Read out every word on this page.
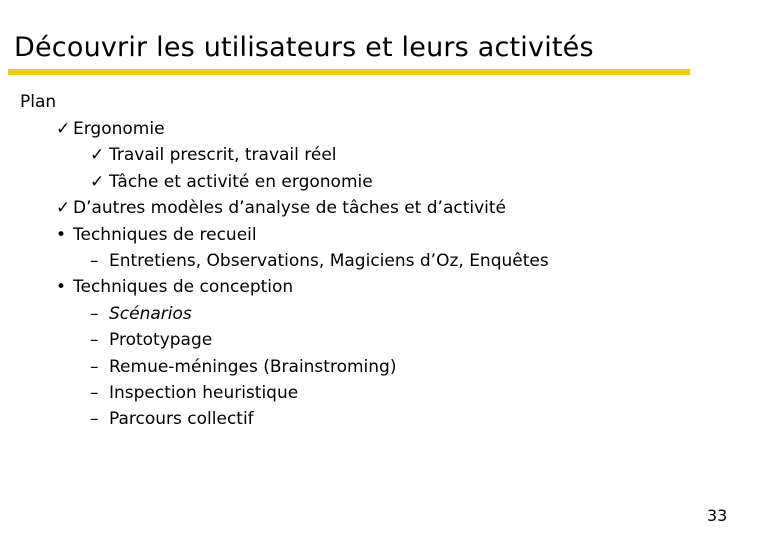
Découvrir les utilisateurs et leurs activités
Plan
✓ Ergonomie
✓ Travail prescrit, travail réel
✓ Tâche et activité en ergonomie
✓ D’autres modèles d’analyse de tâches et d’activité
• Techniques de recueil
– Entretiens, Observations, Magiciens d’Oz, Enquêtes
• Techniques de conception
– Scénarios
– Prototypage
– Remue-méninges (Brainstroming)
– Inspection heuristique
– Parcours collectif
33
